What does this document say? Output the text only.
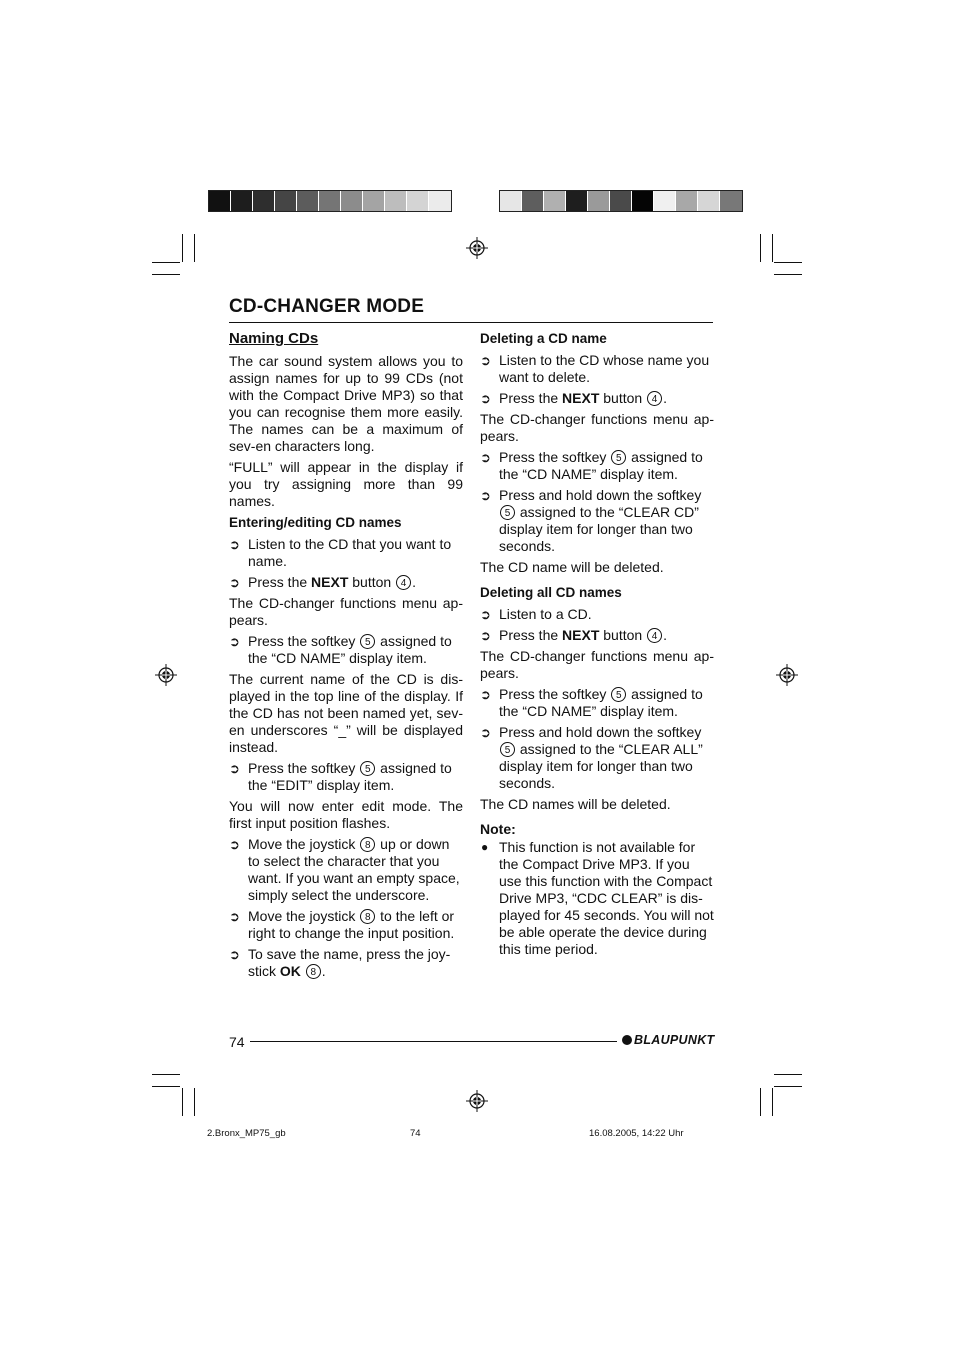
CD-CHANGER MODE
Naming CDs

The car sound system allows you to assign names for up to 99 CDs (not with the Compact Drive MP3) so that you can recognise them more easily. The names can be a maximum of sev-en characters long.

“FULL” will appear in the display if you try assigning more than 99 names.

Entering/editing CD names
➲ Listen to the CD that you want to name.
➲ Press the NEXT button 4 .

The CD-changer functions menu ap-pears.

➲ Press the softkey 5 assigned to the “CD NAME” display item.

The current name of the CD is dis-played in the top line of the display. If the CD has not been named yet, sev-en underscores “_” will be displayed instead.

➲ Press the softkey 5 assigned to the “EDIT” display item.

You will now enter edit mode. The first input position flashes.

➲ Move the joystick 8 up or down to select the character that you want. If you want an empty space, simply select the underscore.
➲ Move the joystick 8 to the left or right to change the input position.
➲ To save the name, press the joy-stick OK 8 .
Deleting a CD name
➲ Listen to the CD whose name you want to delete.
➲ Press the NEXT button 4 .

The CD-changer functions menu ap-pears.

➲ Press the softkey 5 assigned to the “CD NAME” display item.
➲ Press and hold down the softkey 5 assigned to the “CLEAR CD” display item for longer than two seconds.

The CD name will be deleted.

Deleting all CD names
➲ Listen to a CD.
➲ Press the NEXT button 4 .

The CD-changer functions menu ap-pears.

➲ Press the softkey 5 assigned to the “CD NAME” display item.
➲ Press and hold down the softkey 5 assigned to the “CLEAR ALL” display item for longer than two seconds.

The CD names will be deleted.

Note:
● This function is not available for the Compact Drive MP3. If you use this function with the Compact Drive MP3, “CDC CLEAR” is dis-played for 45 seconds. You will not be able operate the device during this time period.
74	BLAUPUNKT
2.Bronx_MP75_gb	74	16.08.2005, 14:22 Uhr
